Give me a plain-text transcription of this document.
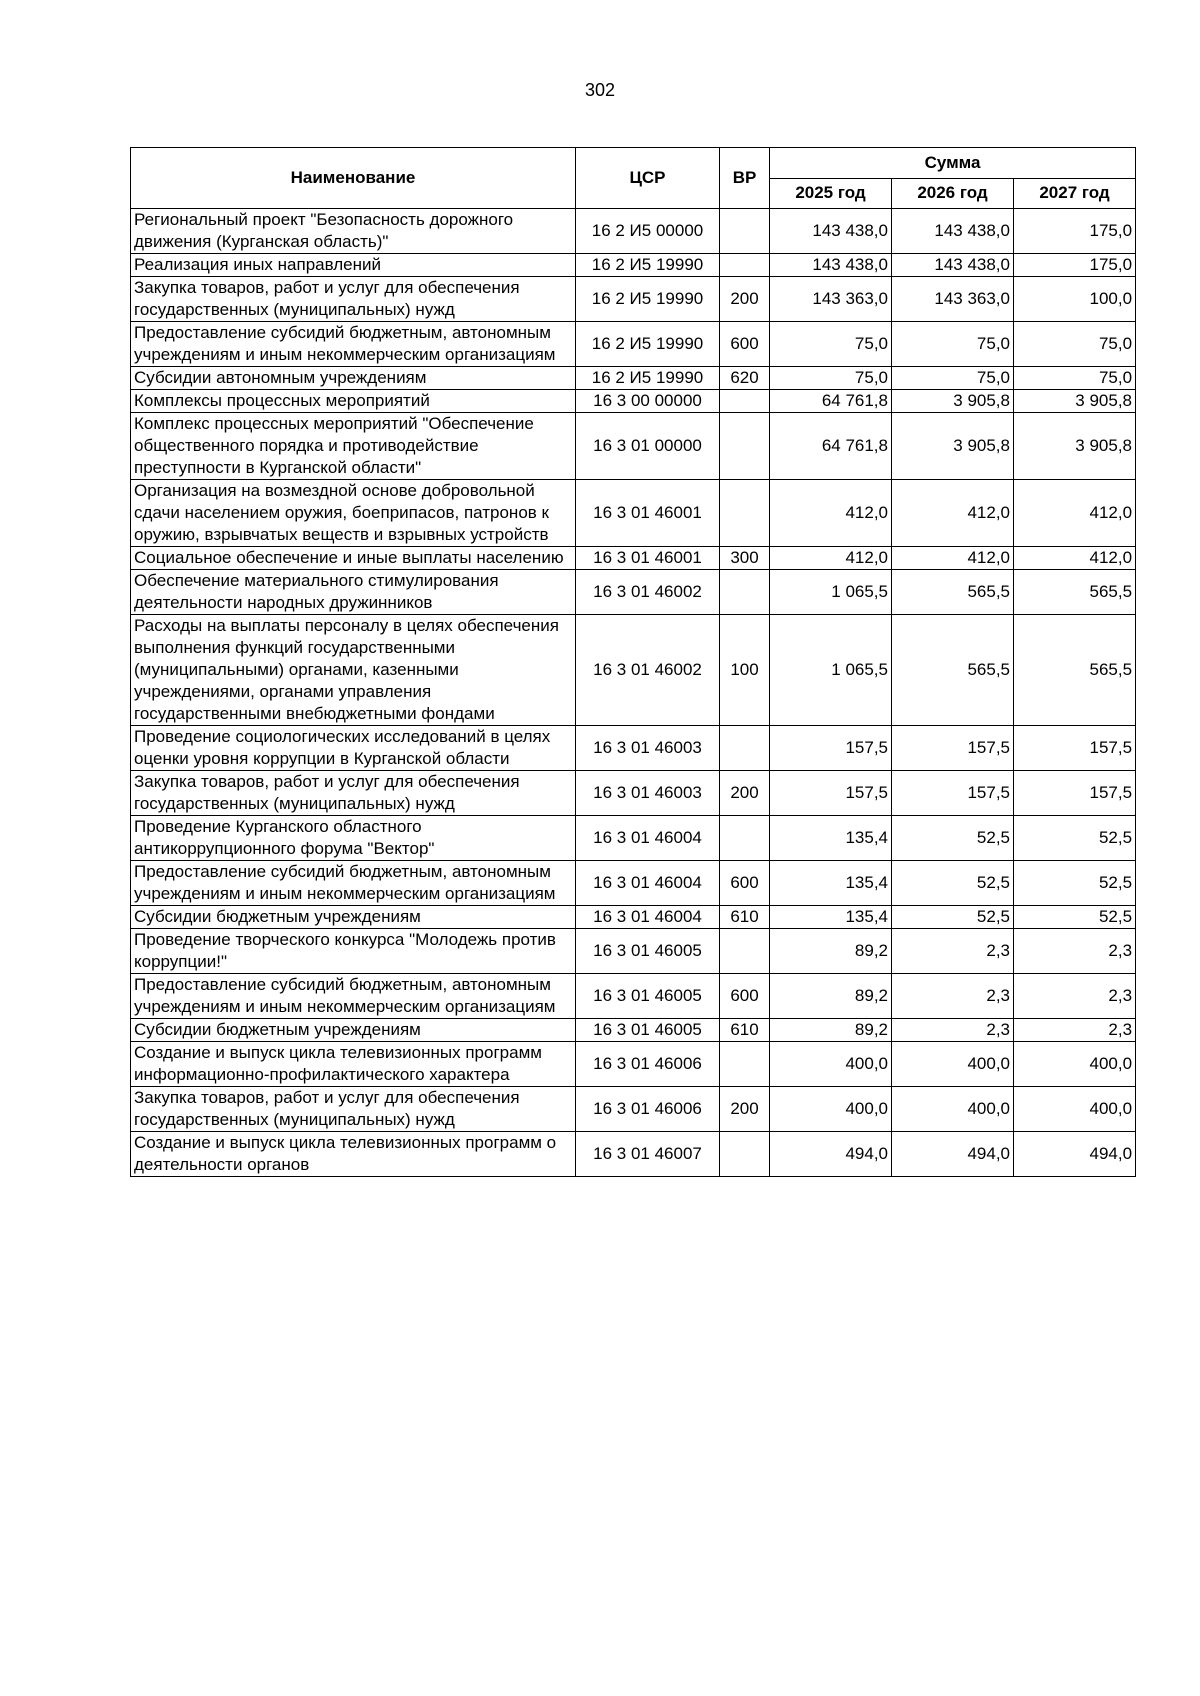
302
Наименование	ЦСР	ВР	Сумма		
			2025 год	2026 год	2027 год
Региональный проект "Безопасность дорожного движения (Курганская область)"	16 2 И5 00000		143 438,0	143 438,0	175,0
Реализация иных направлений	16 2 И5 19990		143 438,0	143 438,0	175,0
Закупка товаров, работ и услуг для обеспечения государственных (муниципальных) нужд	16 2 И5 19990	200	143 363,0	143 363,0	100,0
Предоставление субсидий бюджетным, автономным учреждениям и иным некоммерческим организациям	16 2 И5 19990	600	75,0	75,0	75,0
Субсидии автономным учреждениям	16 2 И5 19990	620	75,0	75,0	75,0
Комплексы процессных мероприятий	16 3 00 00000		64 761,8	3 905,8	3 905,8
Комплекс процессных мероприятий "Обеспечение общественного порядка и противодействие преступности в Курганской области"	16 3 01 00000		64 761,8	3 905,8	3 905,8
Организация на возмездной основе добровольной сдачи населением оружия, боеприпасов, патронов к оружию, взрывчатых веществ и взрывных устройств	16 3 01 46001		412,0	412,0	412,0
Социальное обеспечение и иные выплаты населению	16 3 01 46001	300	412,0	412,0	412,0
Обеспечение материального стимулирования деятельности народных дружинников	16 3 01 46002		1 065,5	565,5	565,5
Расходы на выплаты персоналу в целях обеспечения выполнения функций государственными (муниципальными) органами, казенными учреждениями, органами управления государственными внебюджетными фондами	16 3 01 46002	100	1 065,5	565,5	565,5
Проведение социологических исследований в целях оценки уровня коррупции в Курганской области	16 3 01 46003		157,5	157,5	157,5
Закупка товаров, работ и услуг для обеспечения государственных (муниципальных) нужд	16 3 01 46003	200	157,5	157,5	157,5
Проведение Курганского областного антикоррупционного форума "Вектор"	16 3 01 46004		135,4	52,5	52,5
Предоставление субсидий бюджетным, автономным учреждениям и иным некоммерческим организациям	16 3 01 46004	600	135,4	52,5	52,5
Субсидии бюджетным учреждениям	16 3 01 46004	610	135,4	52,5	52,5
Проведение творческого конкурса "Молодежь против коррупции!"	16 3 01 46005		89,2	2,3	2,3
Предоставление субсидий бюджетным, автономным учреждениям и иным некоммерческим организациям	16 3 01 46005	600	89,2	2,3	2,3
Субсидии бюджетным учреждениям	16 3 01 46005	610	89,2	2,3	2,3
Создание и выпуск цикла телевизионных программ информационно-профилактического характера	16 3 01 46006		400,0	400,0	400,0
Закупка товаров, работ и услуг для обеспечения государственных (муниципальных) нужд	16 3 01 46006	200	400,0	400,0	400,0
Создание и выпуск цикла телевизионных программ о деятельности органов	16 3 01 46007		494,0	494,0	494,0
